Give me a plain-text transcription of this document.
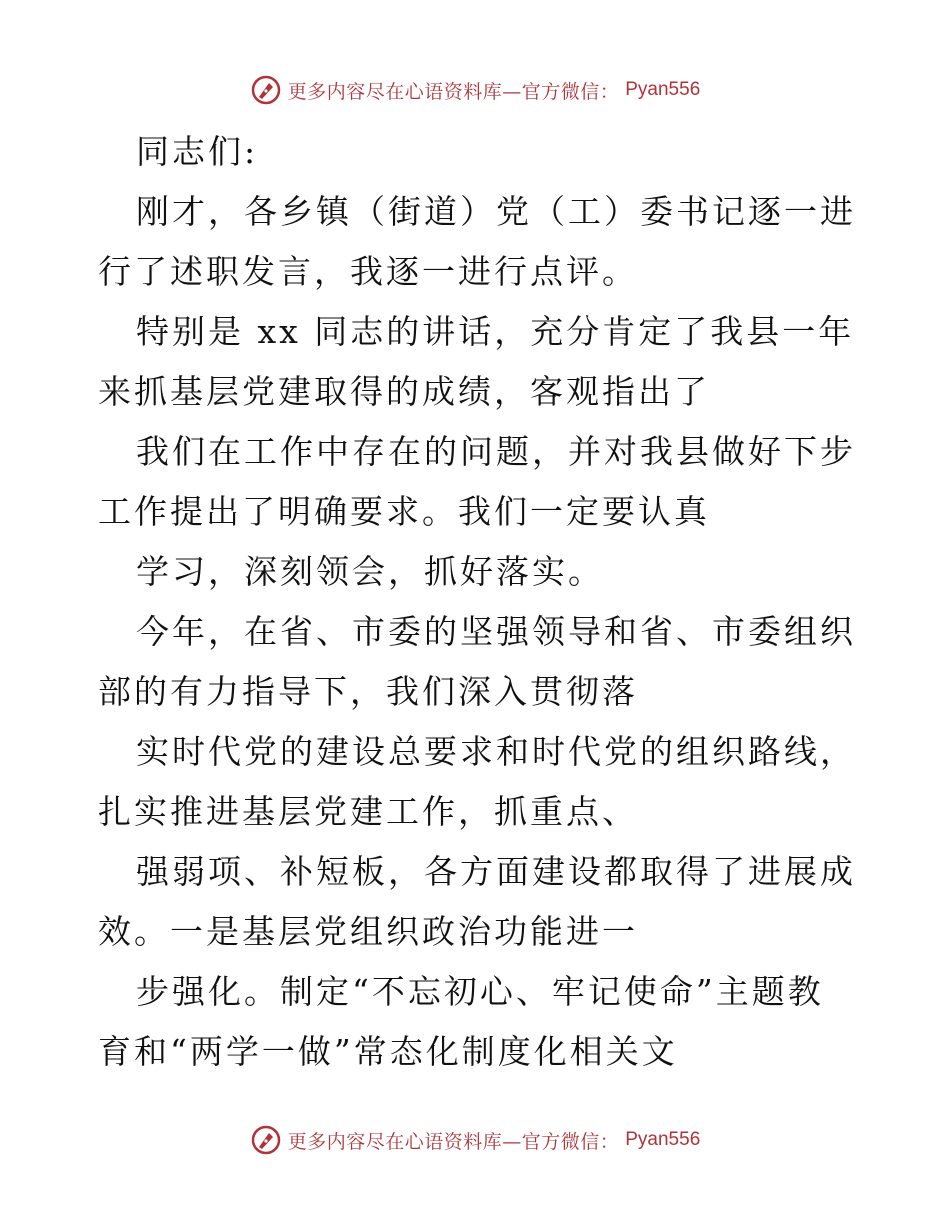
更多内容尽在心语资料库—官方微信： Pyan556

同志们:

刚才，各乡镇（街道）党（工）委书记逐一进行了述职发言，我逐一进行点评。

特别是 xx 同志的讲话，充分肯定了我县一年来抓基层党建取得的成绩，客观指出了

我们在工作中存在的问题，并对我县做好下步工作提出了明确要求。我们一定要认真

学习，深刻领会，抓好落实。

今年，在省、市委的坚强领导和省、市委组织部的有力指导下，我们深入贯彻落

实时代党的建设总要求和时代党的组织路线，扎实推进基层党建工作，抓重点、

强弱项、补短板，各方面建设都取得了进展成效。一是基层党组织政治功能进一

步强化。制定“不忘初心、牢记使命”主题教育和“两学一做”常态化制度化相关文

更多内容尽在心语资料库—官方微信： Pyan556
